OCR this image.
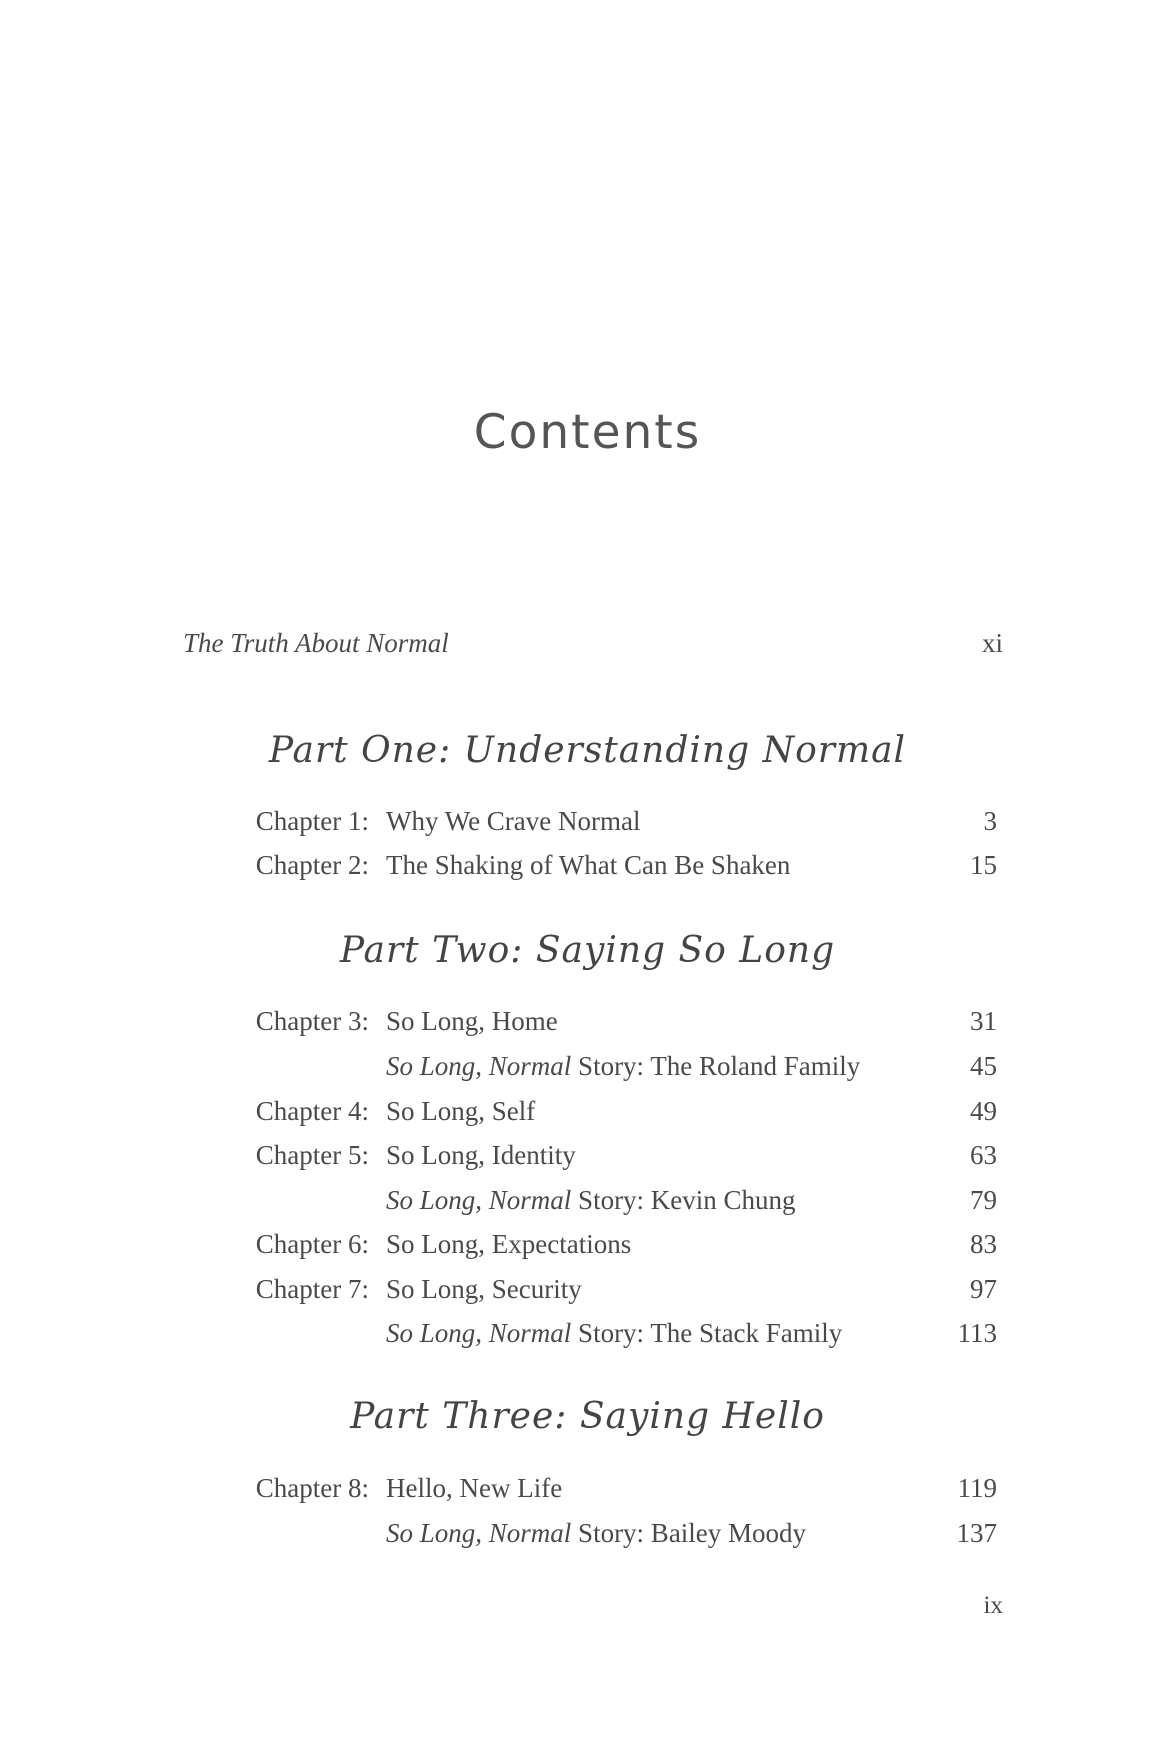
Contents
The Truth About Normal	xi
Part One: Understanding Normal
Chapter 1: Why We Crave Normal	3
Chapter 2: The Shaking of What Can Be Shaken	15
Part Two: Saying So Long
Chapter 3: So Long, Home	31
So Long, Normal Story: The Roland Family	45
Chapter 4: So Long, Self	49
Chapter 5: So Long, Identity	63
So Long, Normal Story: Kevin Chung	79
Chapter 6: So Long, Expectations	83
Chapter 7: So Long, Security	97
So Long, Normal Story: The Stack Family	113
Part Three: Saying Hello
Chapter 8: Hello, New Life	119
So Long, Normal Story: Bailey Moody	137
ix
